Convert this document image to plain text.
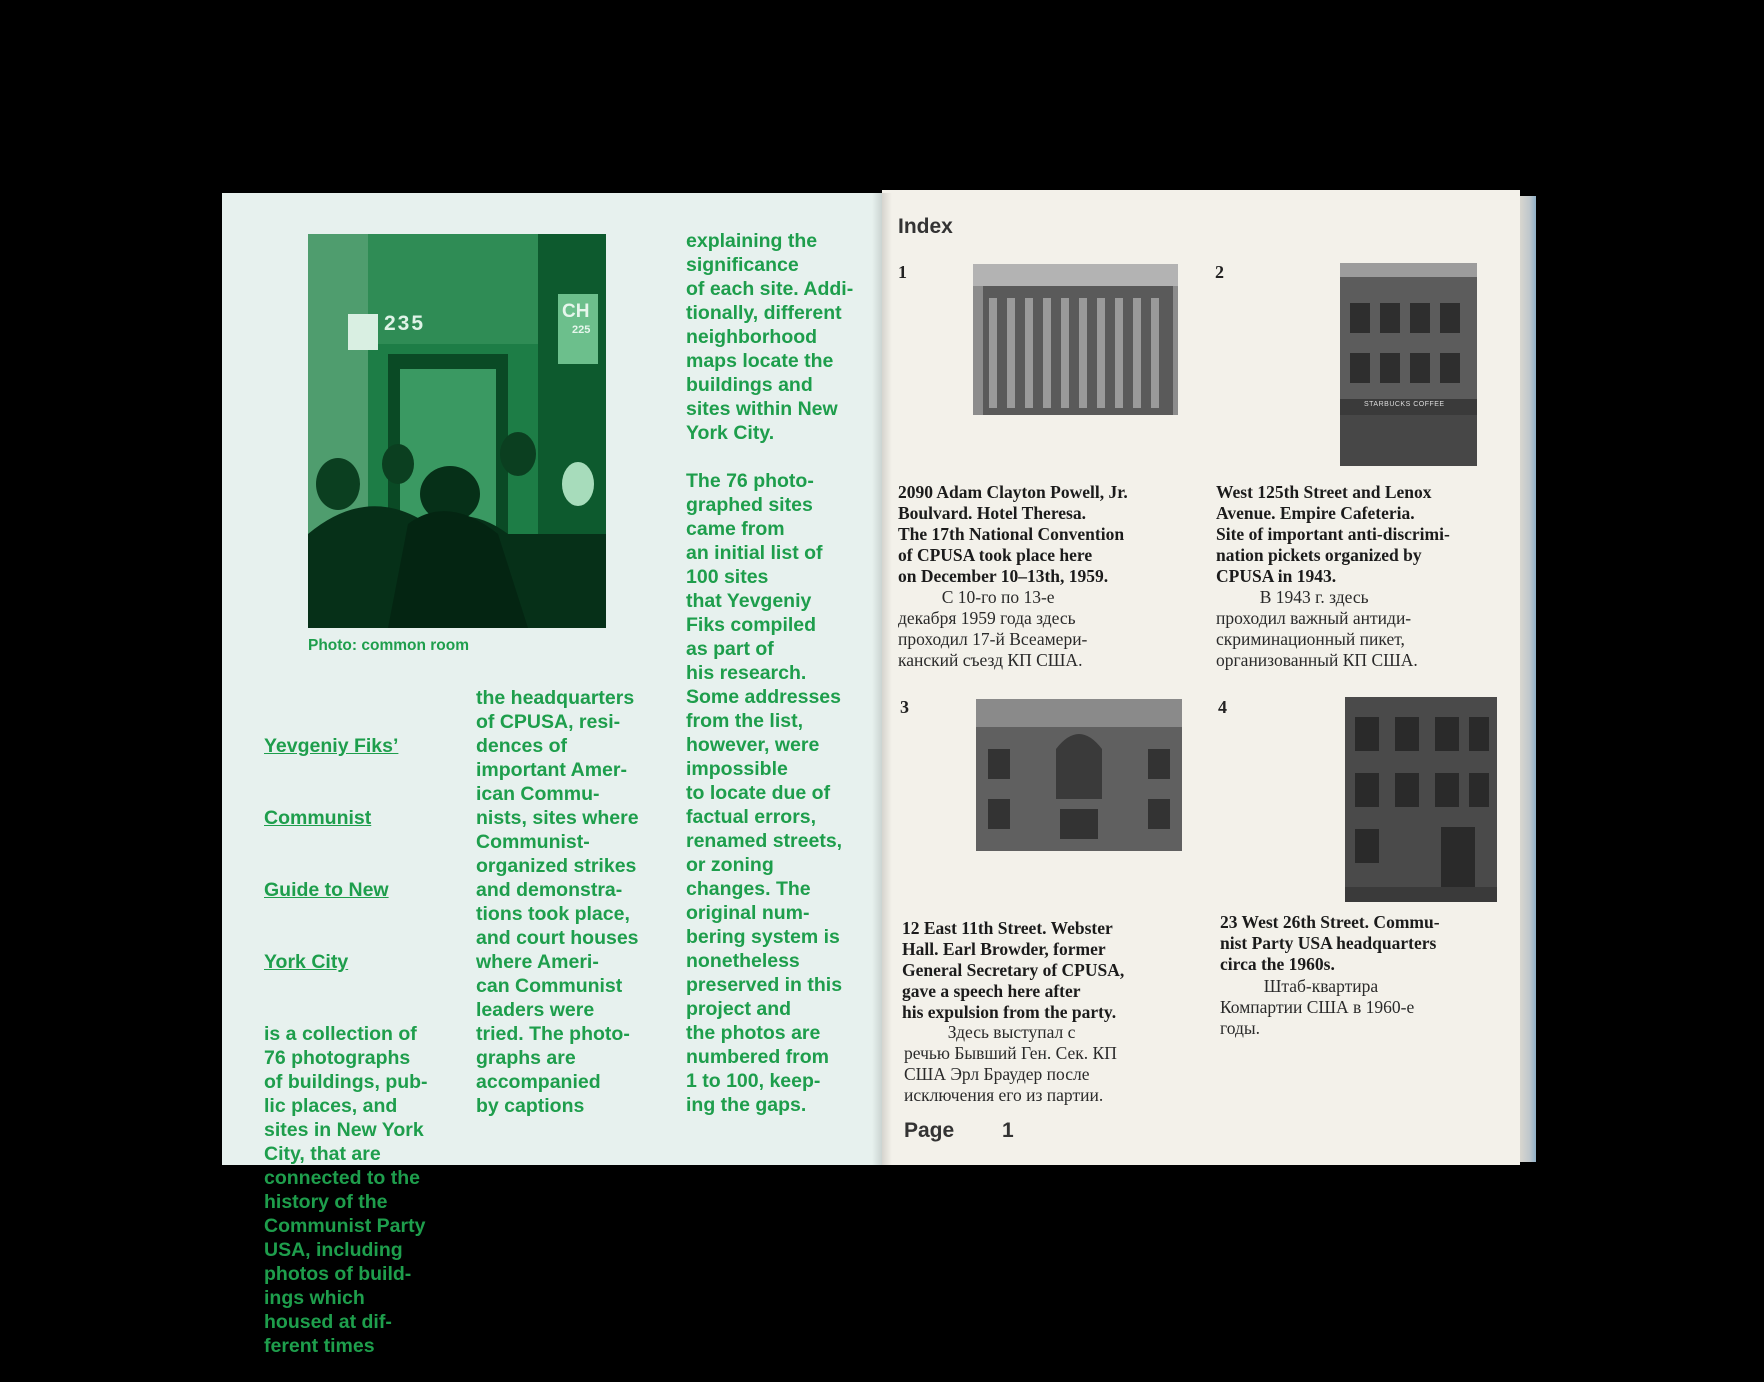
235
CH
225
Photo: common room

Yevgeniy Fiks’

Communist

Guide to New

York City

is a collection of
76 photographs
of buildings, pub-
lic places, and
sites in New York
City, that are
connected to the
history of the
Communist Party
USA, including
photos of build-
ings which
housed at dif-
ferent times

the headquarters
of CPUSA, resi-
dences of
important Amer-
ican Commu-
nists, sites where
Communist-
organized strikes
and demonstra-
tions took place,
and court houses
where Ameri-
can Communist
leaders were
tried. The photo-
graphs are
accompanied
by captions
explaining the
significance
of each site. Addi-
tionally, different
neighborhood
maps locate the
buildings and
sites within New
York City.

The 76 photo-
graphed sites
came from
an initial list of
100 sites
that Yevgeniy
Fiks compiled
as part of
his research.
Some addresses
from the list,
however, were
impossible
to locate due of
factual errors,
renamed streets,
or zoning
changes. The
original num-
bering system is
nonetheless
preserved in this
project and
the photos are
numbered from
1 to 100, keep-
ing the gaps.
Index
1
2090 Adam Clayton Powell, Jr.
Boulvard. Hotel Theresa.
The 17th National Convention
of CPUSA took place here
on December 10–13th, 1959.
С 10-го по 13-е
декабря 1959 года здесь
проходил 17-й Всеамери-
канский съезд КП США.
2
STARBUCKS COFFEE
West 125th Street and Lenox
Avenue. Empire Cafeteria.
Site of important anti-discrimi-
nation pickets organized by
CPUSA in 1943.
В 1943 г. здесь
проходил важный антиди-
скриминационный пикет,
организованный КП США.
3
12 East 11th Street. Webster
Hall. Earl Browder, former
General Secretary of CPUSA,
gave a speech here after
his expulsion from the party.
Здесь выступал с
речью Бывший Ген. Сек. КП
США Эрл Браудер после
исключения его из партии.
4
23 West 26th Street. Commu-
nist Party USA headquarters
circa the 1960s.
Штаб-квартира
Компартии США в 1960-е
годы.
Page 1
